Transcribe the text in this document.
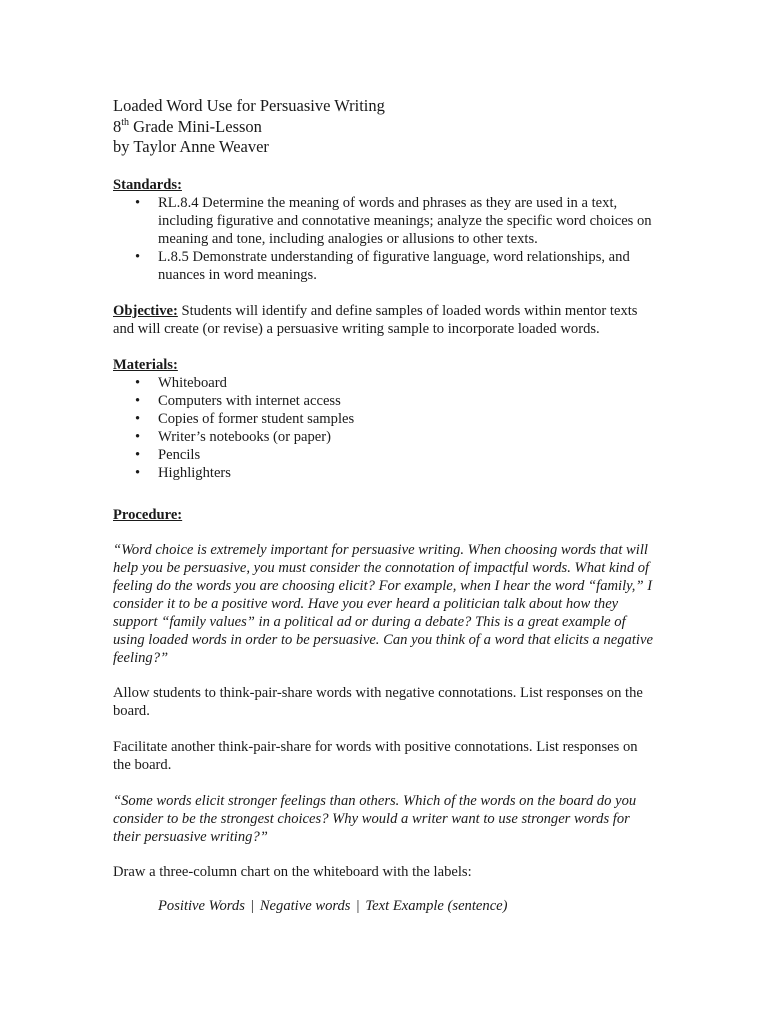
Loaded Word Use for Persuasive Writing
8th Grade Mini-Lesson
by Taylor Anne Weaver
Standards:
• RL.8.4 Determine the meaning of words and phrases as they are used in a text, including figurative and connotative meanings; analyze the specific word choices on meaning and tone, including analogies or allusions to other texts.
• L.8.5 Demonstrate understanding of figurative language, word relationships, and nuances in word meanings.

Objective: Students will identify and define samples of loaded words within mentor texts and will create (or revise) a persuasive writing sample to incorporate loaded words.

Materials:
• Whiteboard
• Computers with internet access
• Copies of former student samples
• Writer’s notebooks (or paper)
• Pencils
• Highlighters
Procedure:
“Word choice is extremely important for persuasive writing. When choosing words that will help you be persuasive, you must consider the connotation of impactful words. What kind of feeling do the words you are choosing elicit? For example, when I hear the word “family,” I consider it to be a positive word. Have you ever heard a politician talk about how they support “family values” in a political ad or during a debate? This is a great example of using loaded words in order to be persuasive. Can you think of a word that elicits a negative feeling?”
Allow students to think-pair-share words with negative connotations. List responses on the board.
Facilitate another think-pair-share for words with positive connotations. List responses on the board.
“Some words elicit stronger feelings than others. Which of the words on the board do you consider to be the strongest choices? Why would a writer want to use stronger words for their persuasive writing?”
Draw a three-column chart on the whiteboard with the labels:
Positive Words | Negative words | Text Example (sentence)
